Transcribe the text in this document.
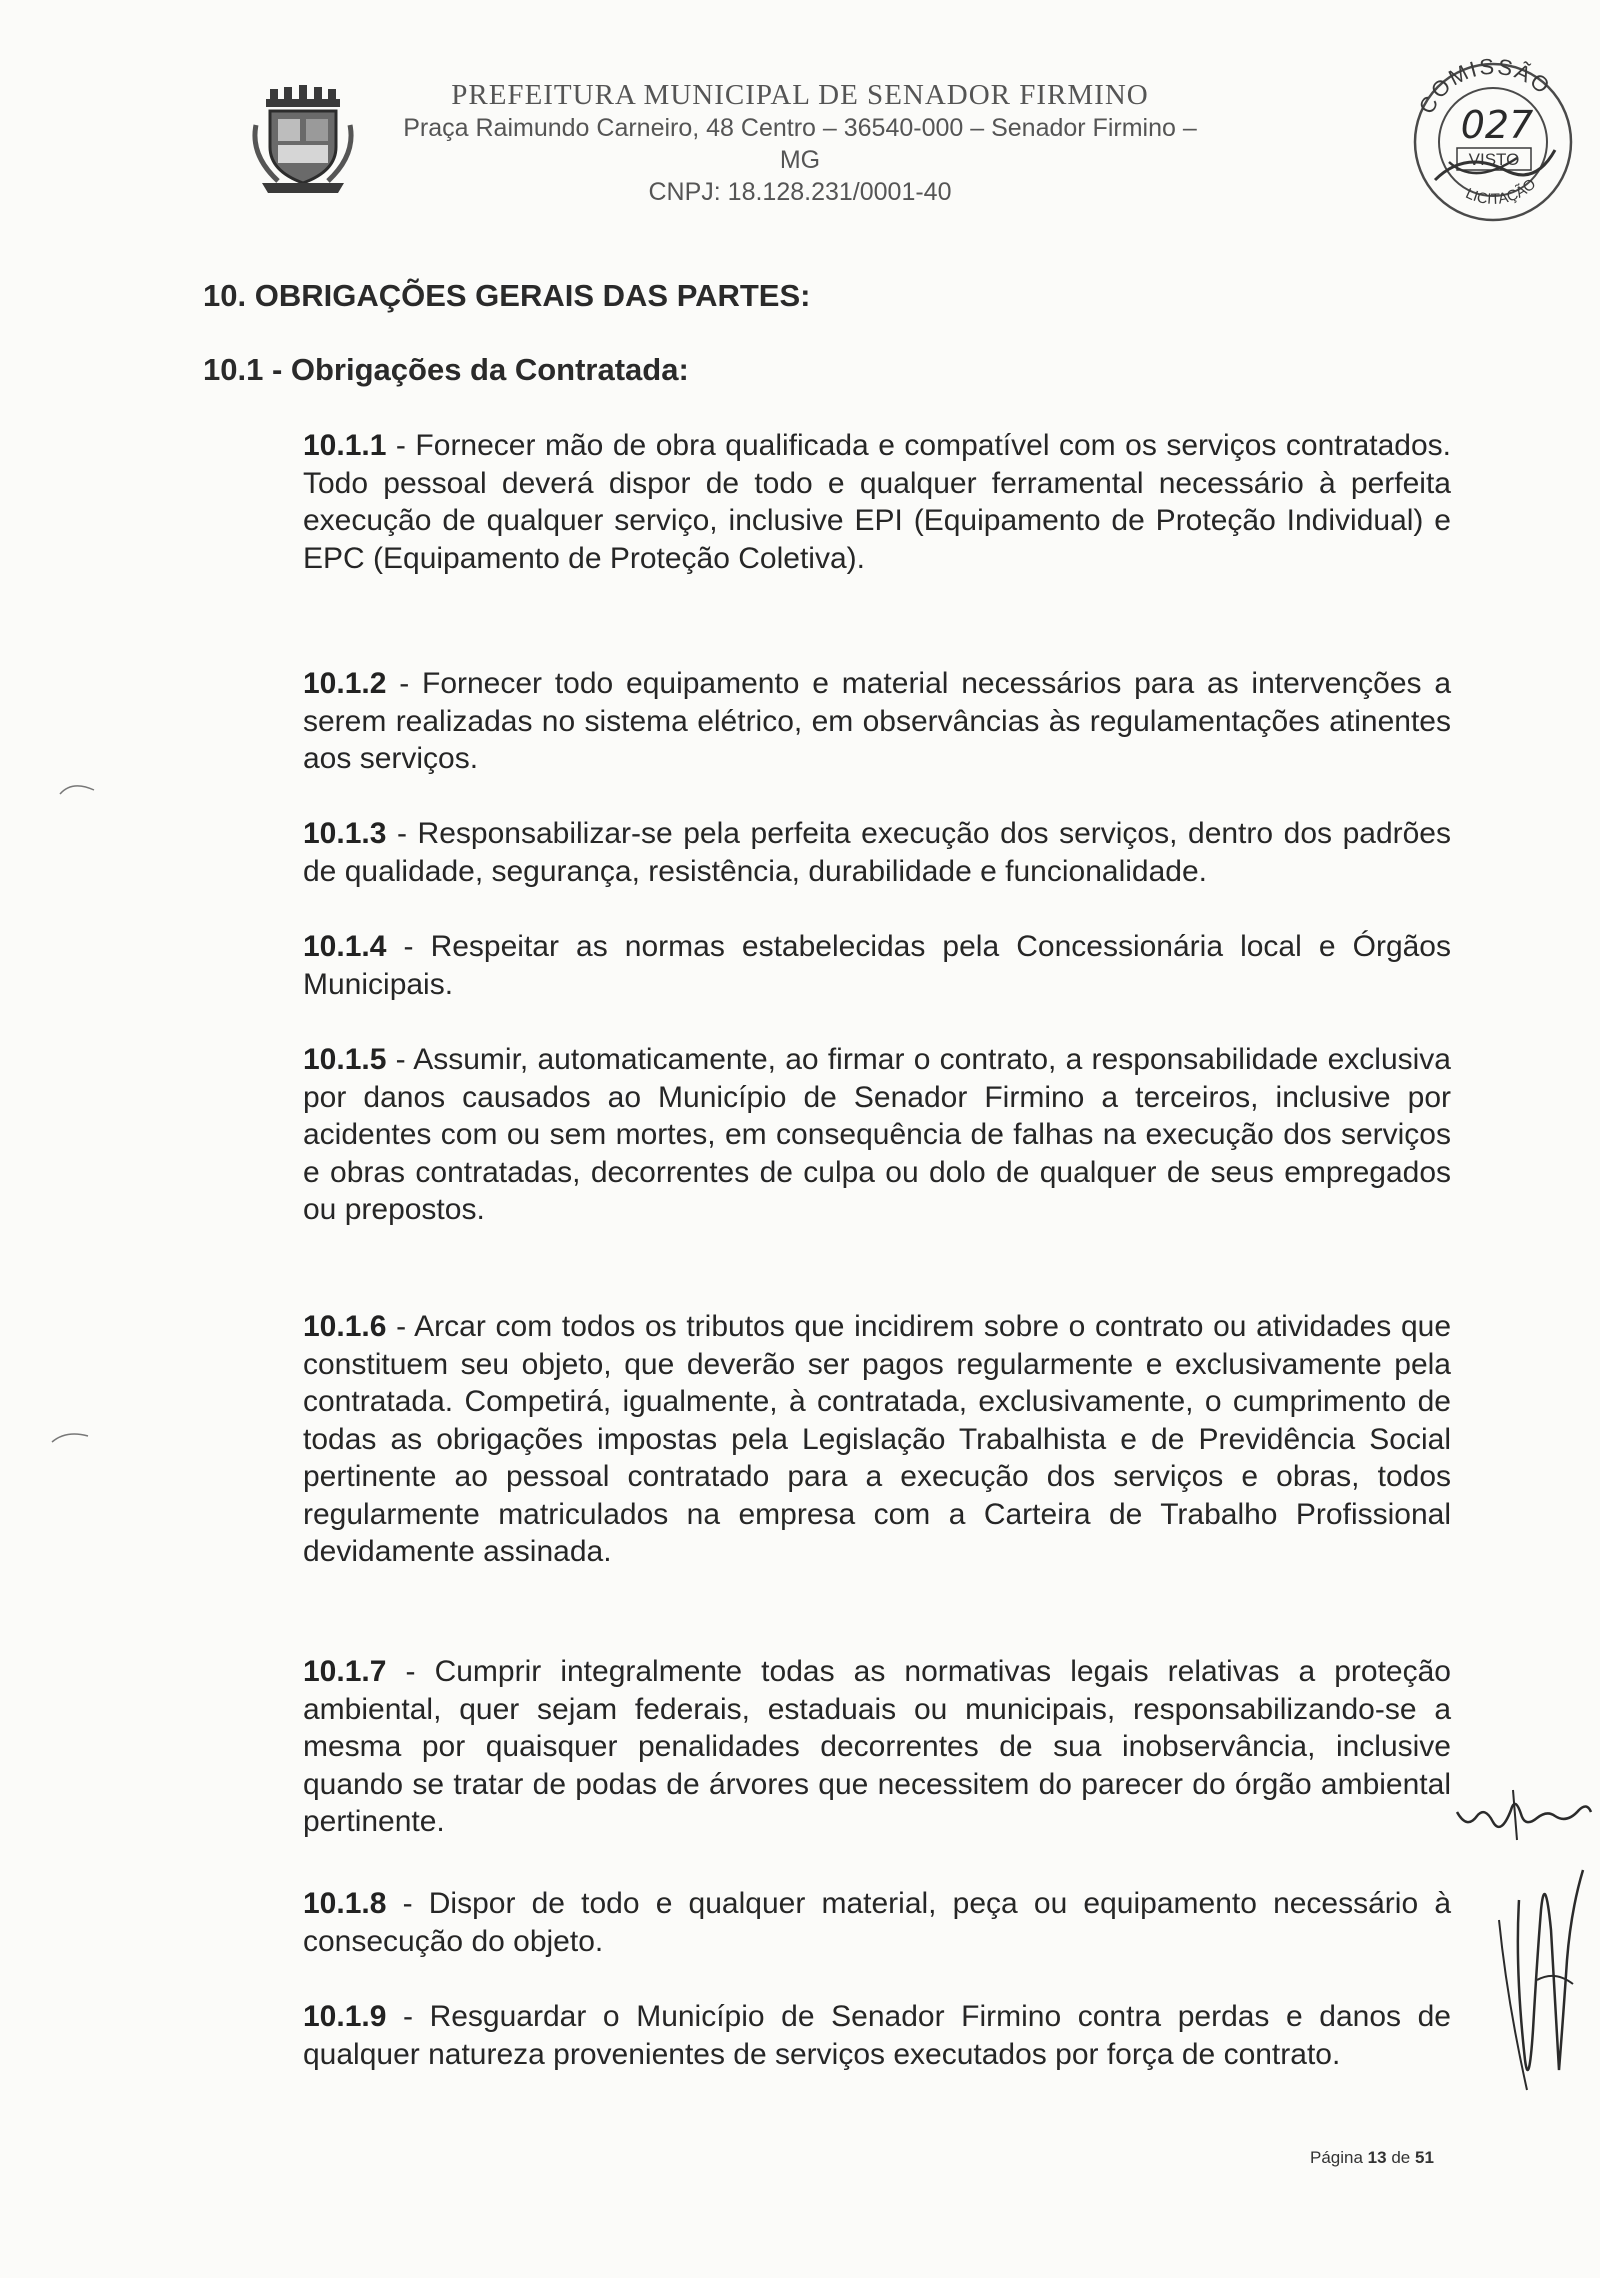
PREFEITURA MUNICIPAL DE SENADOR FIRMINO
Praça Raimundo Carneiro, 48 Centro – 36540-000 – Senador Firmino – MG
CNPJ: 18.128.231/0001-40
COMISSÃO
LICITAÇÃO
027
VISTO
10. OBRIGAÇÕES GERAIS DAS PARTES:
10.1 - Obrigações da Contratada:
10.1.1 - Fornecer mão de obra qualificada e compatível com os serviços contratados. Todo pessoal deverá dispor de todo e qualquer ferramental necessário à perfeita execução de qualquer serviço, inclusive EPI (Equipamento de Proteção Individual) e EPC (Equipamento de Proteção Coletiva).
10.1.2 - Fornecer todo equipamento e material necessários para as intervenções a serem realizadas no sistema elétrico, em observâncias às regulamentações atinentes aos serviços.
10.1.3 - Responsabilizar-se pela perfeita execução dos serviços, dentro dos padrões de qualidade, segurança, resistência, durabilidade e funcionalidade.
10.1.4 - Respeitar as normas estabelecidas pela Concessionária local e Órgãos Municipais.
10.1.5 - Assumir, automaticamente, ao firmar o contrato, a responsabilidade exclusiva por danos causados ao Município de Senador Firmino a terceiros, inclusive por acidentes com ou sem mortes, em consequência de falhas na execução dos serviços e obras contratadas, decorrentes de culpa ou dolo de qualquer de seus empregados ou prepostos.
10.1.6 - Arcar com todos os tributos que incidirem sobre o contrato ou atividades que constituem seu objeto, que deverão ser pagos regularmente e exclusivamente pela contratada. Competirá, igualmente, à contratada, exclusivamente, o cumprimento de todas as obrigações impostas pela Legislação Trabalhista e de Previdência Social pertinente ao pessoal contratado para a execução dos serviços e obras, todos regularmente matriculados na empresa com a Carteira de Trabalho Profissional devidamente assinada.
10.1.7 - Cumprir integralmente todas as normativas legais relativas a proteção ambiental, quer sejam federais, estaduais ou municipais, responsabilizando-se a mesma por quaisquer penalidades decorrentes de sua inobservância, inclusive quando se tratar de podas de árvores que necessitem do parecer do órgão ambiental pertinente.
10.1.8 - Dispor de todo e qualquer material, peça ou equipamento necessário à consecução do objeto.
10.1.9 - Resguardar o Município de Senador Firmino contra perdas e danos de qualquer natureza provenientes de serviços executados por força de contrato.
Página 13 de 51
